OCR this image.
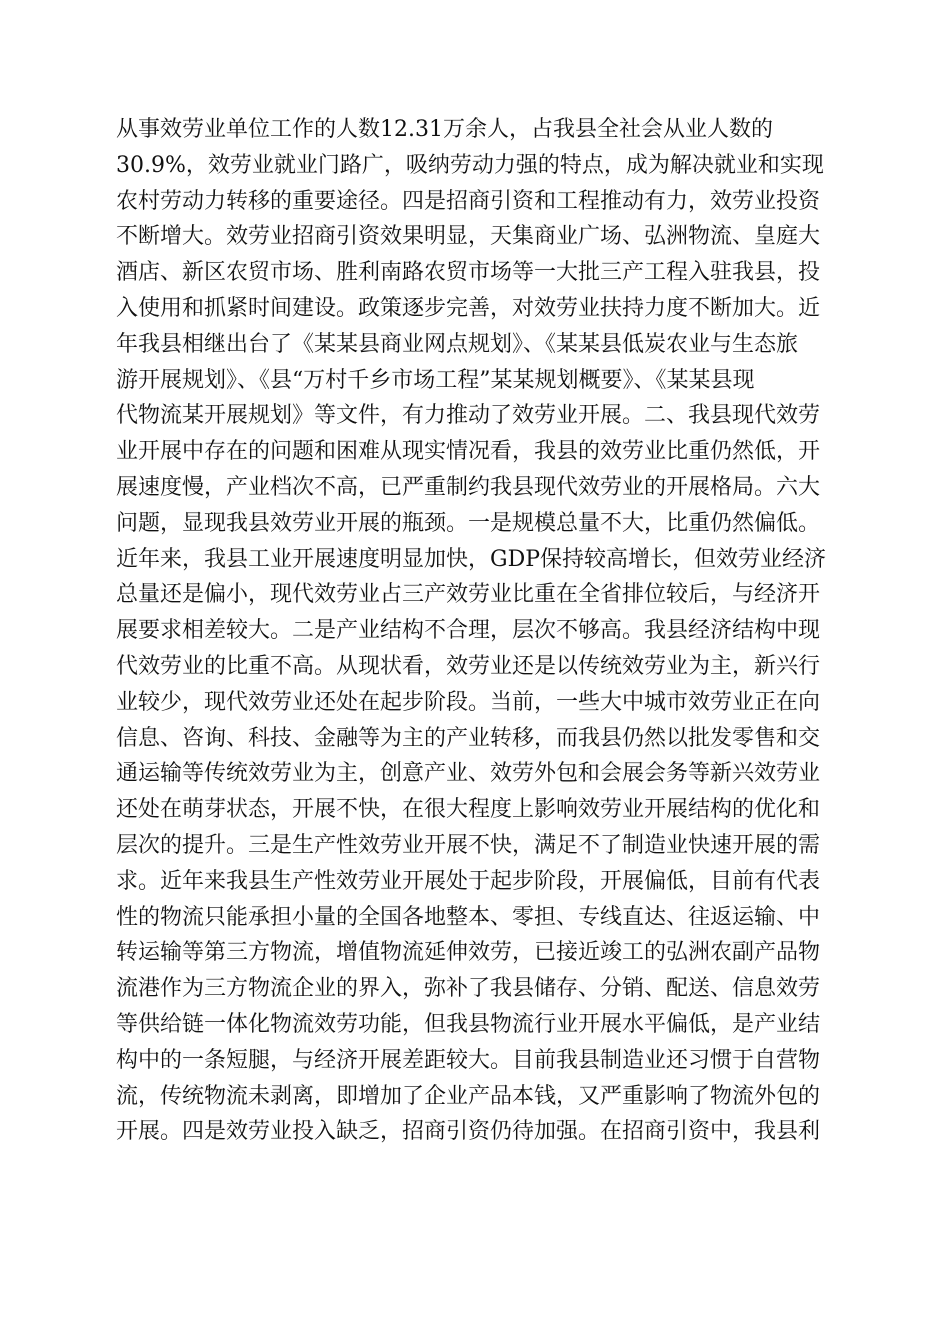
从事效劳业单位工作的人数12.31万余人，占我县全社会从业人数的

30.9%，效劳业就业门路广，吸纳劳动力强的特点，成为解决就业和实现

农村劳动力转移的重要途径。四是招商引资和工程推动有力，效劳业投资

不断增大。效劳业招商引资效果明显，天集商业广场、弘洲物流、皇庭大

酒店、新区农贸市场、胜利南路农贸市场等一大批三产工程入驻我县，投

入使用和抓紧时间建设。政策逐步完善，对效劳业扶持力度不断加大。近

年我县相继出台了《某某县商业网点规划》、《某某县低炭农业与生态旅

游开展规划》、《县“万村千乡市场工程”某某规划概要》、《某某县现

代物流某开展规划》等文件，有力推动了效劳业开展。二、我县现代效劳

业开展中存在的问题和困难从现实情况看，我县的效劳业比重仍然低，开

展速度慢，产业档次不高，已严重制约我县现代效劳业的开展格局。六大

问题，显现我县效劳业开展的瓶颈。一是规模总量不大，比重仍然偏低。

近年来，我县工业开展速度明显加快，GDP保持较高增长，但效劳业经济

总量还是偏小，现代效劳业占三产效劳业比重在全省排位较后，与经济开

展要求相差较大。二是产业结构不合理，层次不够高。我县经济结构中现

代效劳业的比重不高。从现状看，效劳业还是以传统效劳业为主，新兴行

业较少，现代效劳业还处在起步阶段。当前，一些大中城市效劳业正在向

信息、咨询、科技、金融等为主的产业转移，而我县仍然以批发零售和交

通运输等传统效劳业为主，创意产业、效劳外包和会展会务等新兴效劳业

还处在萌芽状态，开展不快，在很大程度上影响效劳业开展结构的优化和

层次的提升。三是生产性效劳业开展不快，满足不了制造业快速开展的需

求。近年来我县生产性效劳业开展处于起步阶段，开展偏低，目前有代表

性的物流只能承担小量的全国各地整本、零担、专线直达、往返运输、中

转运输等第三方物流，增值物流延伸效劳，已接近竣工的弘洲农副产品物

流港作为三方物流企业的界入，弥补了我县储存、分销、配送、信息效劳

等供给链一体化物流效劳功能，但我县物流行业开展水平偏低，是产业结

构中的一条短腿，与经济开展差距较大。目前我县制造业还习惯于自营物

流，传统物流未剥离，即增加了企业产品本钱，又严重影响了物流外包的

开展。四是效劳业投入缺乏，招商引资仍待加强。在招商引资中，我县利
